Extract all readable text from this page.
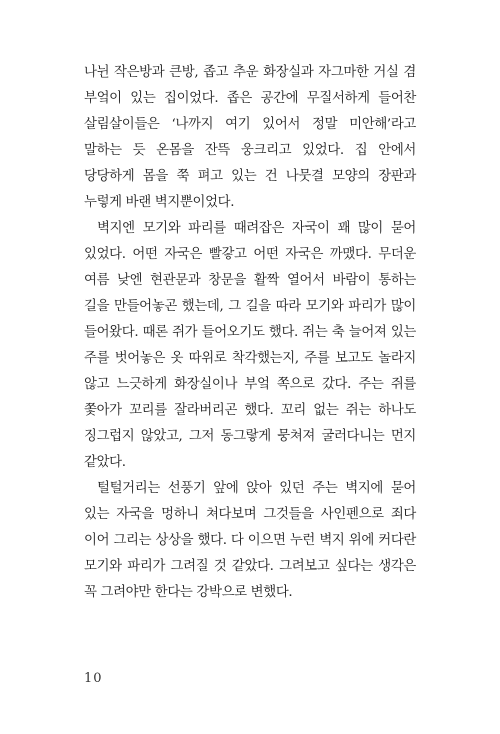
나뉜 작은방과 큰방, 좁고 추운 화장실과 자그마한 거실 겸 부엌이 있는 집이었다. 좁은 공간에 무질서하게 들어찬 살림살이들은 ‘나까지 여기 있어서 정말 미안해’라고 말하는 듯 온몸을 잔뜩 웅크리고 있었다. 집 안에서 당당하게 몸을 쭉 펴고 있는 건 나뭇결 모양의 장판과 누렇게 바랜 벽지뿐이었다.

벽지엔 모기와 파리를 때려잡은 자국이 꽤 많이 묻어 있었다. 어떤 자국은 빨갛고 어떤 자국은 까맸다. 무더운 여름 낮엔 현관문과 창문을 활짝 열어서 바람이 통하는 길을 만들어놓곤 했는데, 그 길을 따라 모기와 파리가 많이 들어왔다. 때론 쥐가 들어오기도 했다. 쥐는 축 늘어져 있는 주를 벗어놓은 옷 따위로 착각했는지, 주를 보고도 놀라지 않고 느긋하게 화장실이나 부엌 쪽으로 갔다. 주는 쥐를 쫓아가 꼬리를 잘라버리곤 했다. 꼬리 없는 쥐는 하나도 징그럽지 않았고, 그저 동그랗게 뭉쳐져 굴러다니는 먼지 같았다.

털털거리는 선풍기 앞에 앉아 있던 주는 벽지에 묻어 있는 자국을 멍하니 쳐다보며 그것들을 사인펜으로 죄다 이어 그리는 상상을 했다. 다 이으면 누런 벽지 위에 커다란 모기와 파리가 그려질 것 같았다. 그려보고 싶다는 생각은 꼭 그려야만 한다는 강박으로 변했다.

10
